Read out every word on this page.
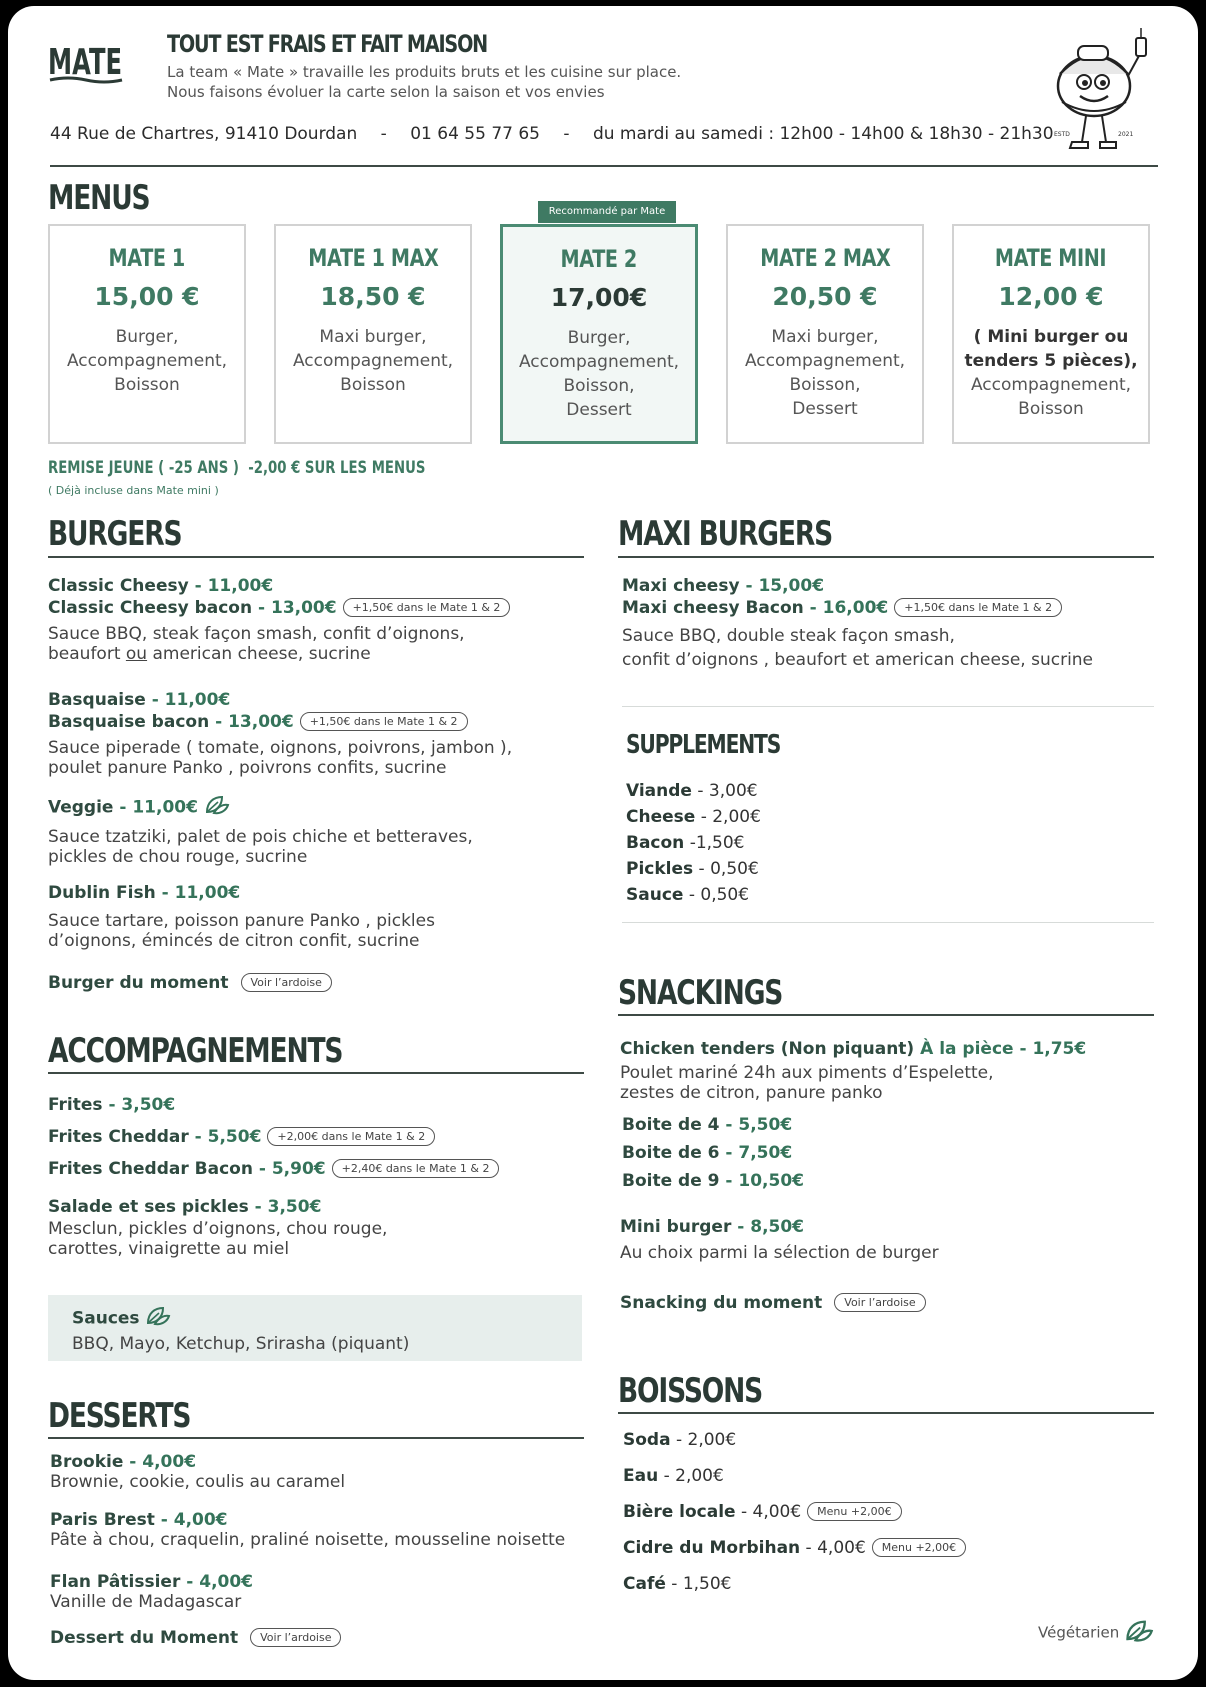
MATE TOUT EST FRAIS ET FAIT MAISON
La team « Mate » travaille les produits bruts et les cuisine sur place.
Nous faisons évoluer la carte selon la saison et vos envies
44 Rue de Chartres, 91410 Dourdan - 01 64 55 77 65 - du mardi au samedi : 12h00 - 14h00 & 18h30 - 21h30 ESTD	2021
MENUS	Recommandé par Mate
MATE 1
15,00 €
Burger,
Accompagnement,
Boisson
MATE 1 MAX
18,50 €
Maxi burger,
Accompagnement,
Boisson
MATE 2
17,00€
Burger,
Accompagnement,
Boisson,
Dessert
MATE 2 MAX
20,50 €
Maxi burger,
Accompagnement,
Boisson,
Dessert
MATE MINI
12,00 €
( Mini burger ou
tenders 5 pièces),
Accompagnement,
Boisson
REMISE JEUNE ( -25 ANS ) -2,00 € SUR LES MENUS
( Déjà incluse dans Mate mini )
BURGERS
Classic Cheesy - 11,00€
Classic Cheesy bacon - 13,00€ +1,50€ dans le Mate 1 & 2
Sauce BBQ, steak façon smash, confit d’oignons,
beaufort ou american cheese, sucrine
Basquaise - 11,00€
Basquaise bacon - 13,00€ +1,50€ dans le Mate 1 & 2
Sauce piperade ( tomate, oignons, poivrons, jambon ),
poulet panure Panko , poivrons confits, sucrine
Veggie - 11,00€
Sauce tzatziki, palet de pois chiche et betteraves,
pickles de chou rouge, sucrine
Dublin Fish - 11,00€
Sauce tartare, poisson panure Panko , pickles
d’oignons, émincés de citron confit, sucrine
Burger du moment Voir l’ardoise
ACCOMPAGNEMENTS
Frites - 3,50€
Frites Cheddar - 5,50€ +2,00€ dans le Mate 1 & 2
Frites Cheddar Bacon - 5,90€ +2,40€ dans le Mate 1 & 2
Salade et ses pickles - 3,50€
Mesclun, pickles d’oignons, chou rouge,
carottes, vinaigrette au miel
Sauces
BBQ, Mayo, Ketchup, Srirasha (piquant)
DESSERTS
Brookie - 4,00€
Brownie, cookie, coulis au caramel
Paris Brest - 4,00€
Pâte à chou, craquelin, praliné noisette, mousseline noisette
Flan Pâtissier - 4,00€
Vanille de Madagascar
Dessert du Moment Voir l’ardoise
MAXI BURGERS
Maxi cheesy - 15,00€
Maxi cheesy Bacon - 16,00€ +1,50€ dans le Mate 1 & 2
Sauce BBQ, double steak façon smash,
confit d’oignons , beaufort et american cheese, sucrine
SUPPLEMENTS
Viande - 3,00€
Cheese - 2,00€
Bacon -1,50€
Pickles - 0,50€
Sauce - 0,50€
SNACKINGS
Chicken tenders (Non piquant) À la pièce - 1,75€
Poulet mariné 24h aux piments d’Espelette,
zestes de citron, panure panko
Boite de 4 - 5,50€
Boite de 6 - 7,50€
Boite de 9 - 10,50€
Mini burger - 8,50€
Au choix parmi la sélection de burger
Snacking du moment Voir l’ardoise
BOISSONS
Soda - 2,00€
Eau - 2,00€
Bière locale - 4,00€ Menu +2,00€
Cidre du Morbihan - 4,00€ Menu +2,00€
Café - 1,50€
Végétarien
